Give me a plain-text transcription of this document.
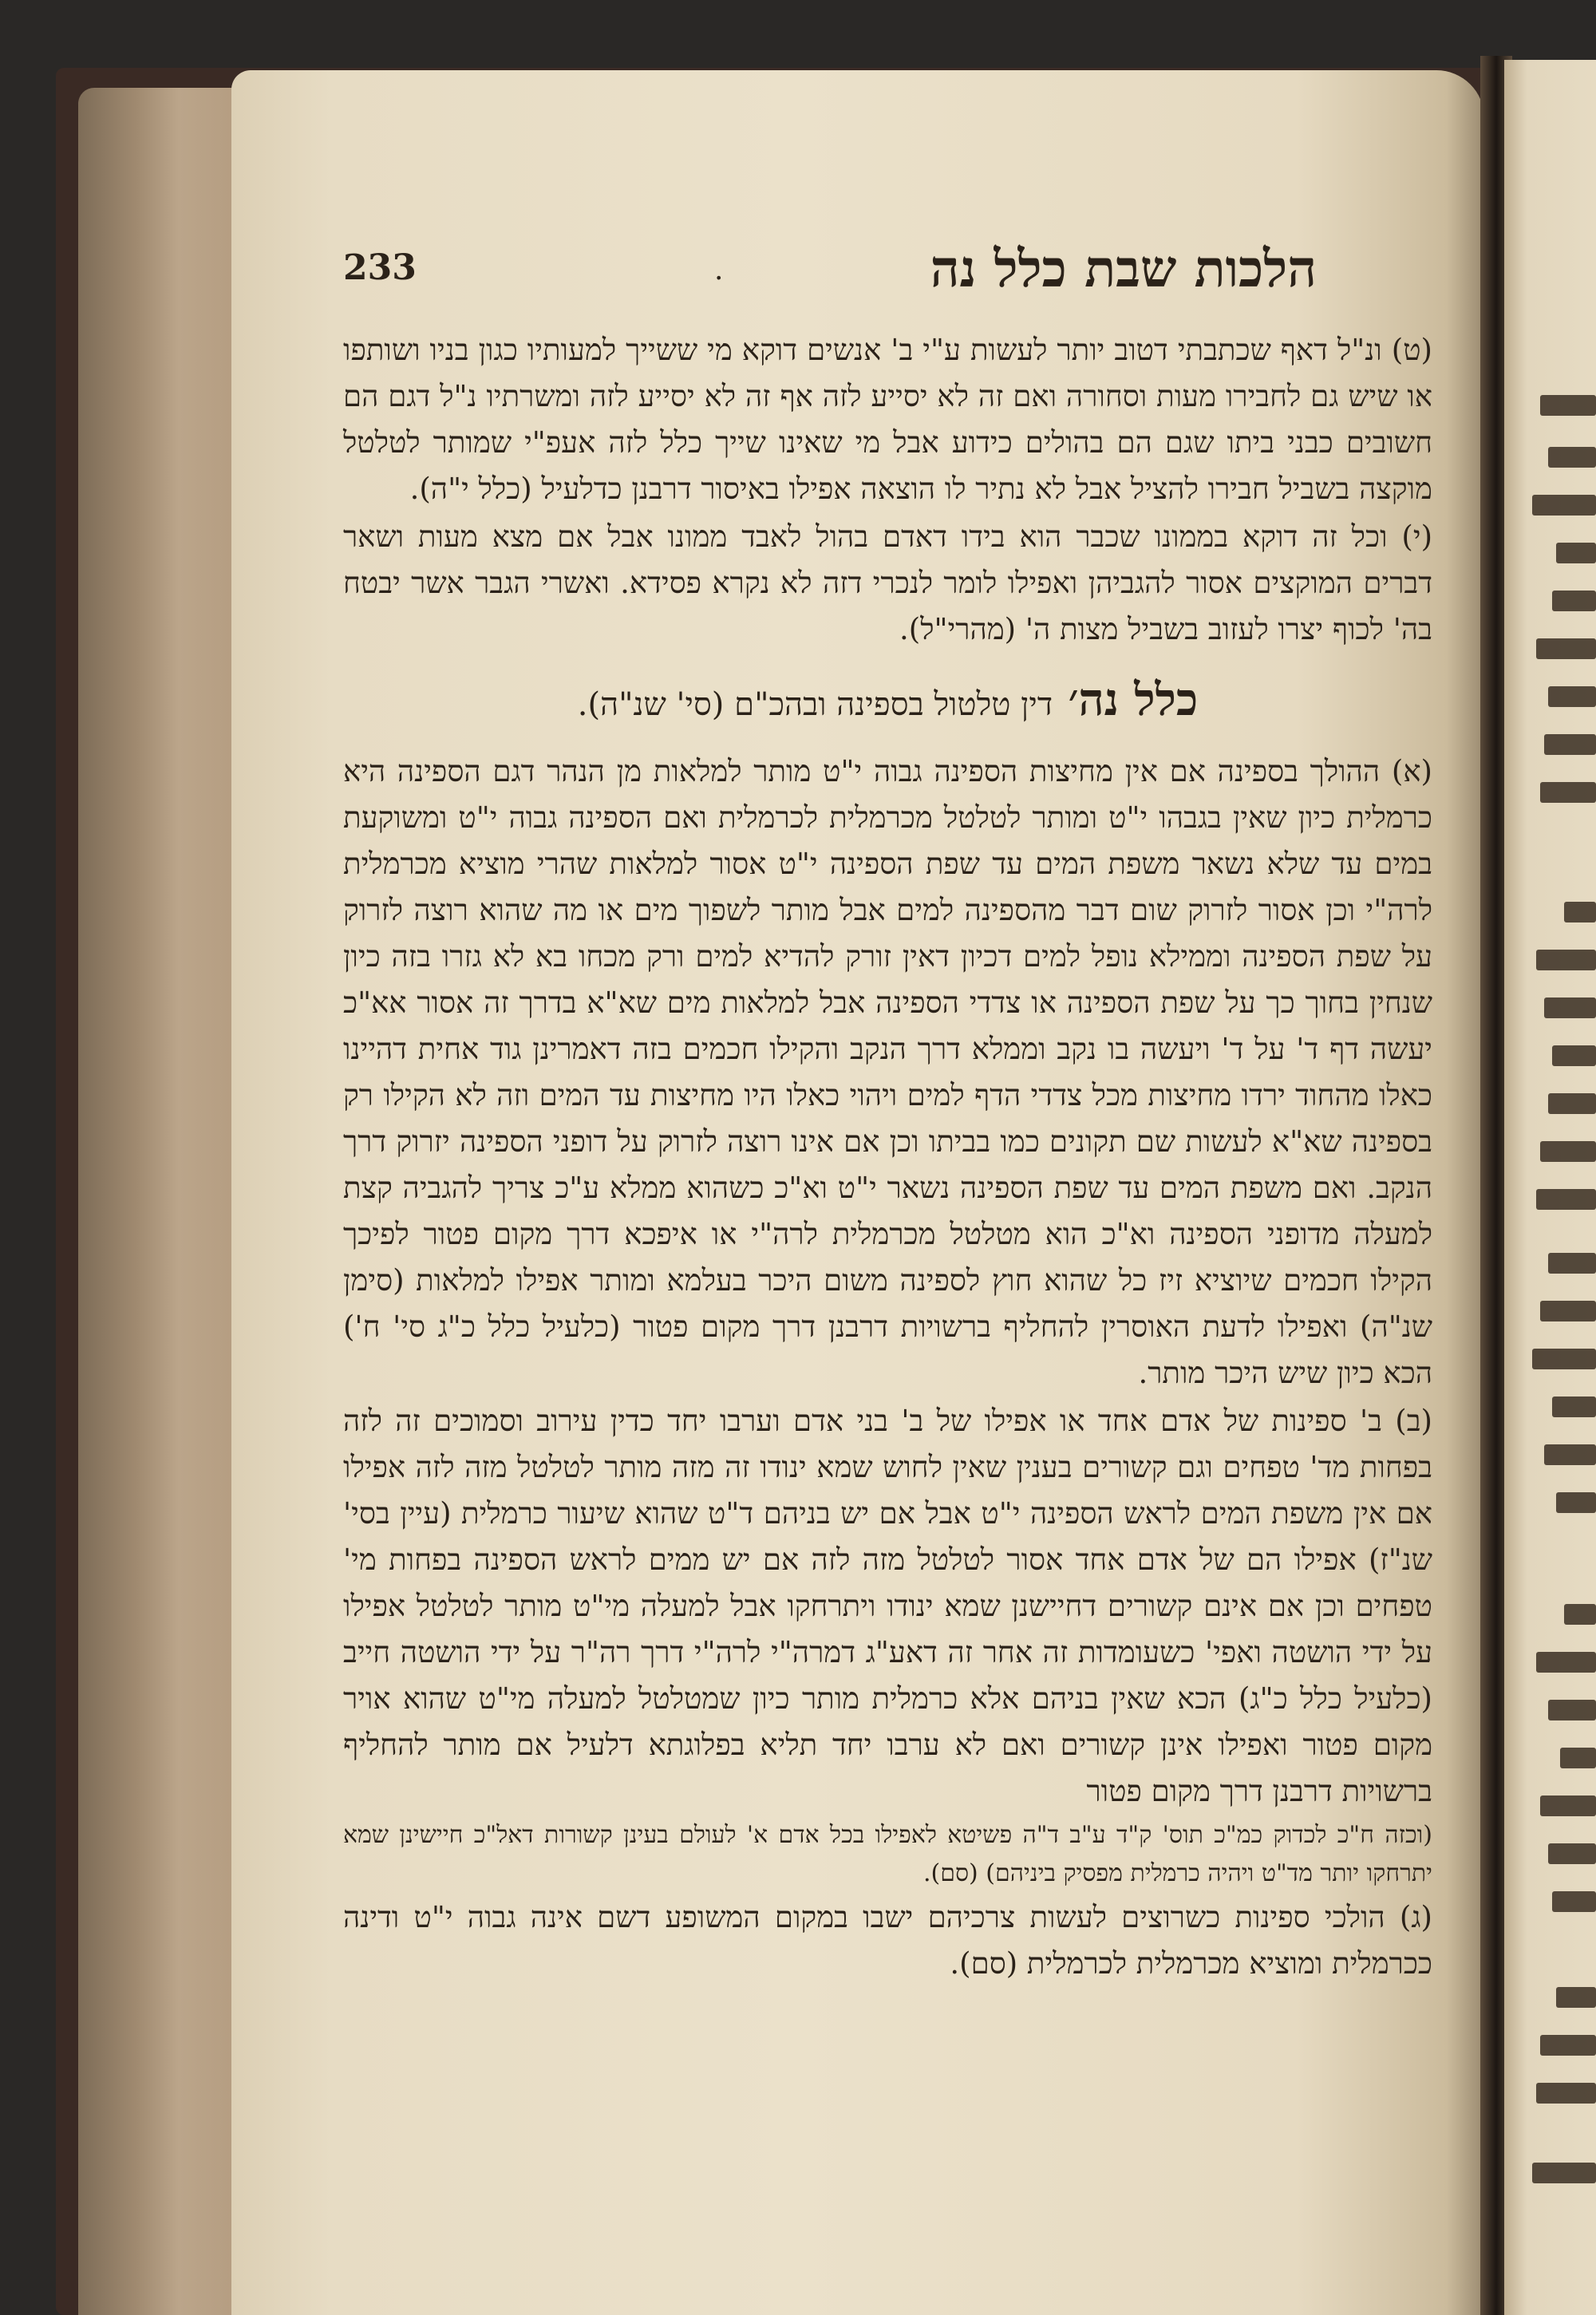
233	.	הלכות שבת כלל נה

(ט) ונ"ל דאף שכתבתי דטוב יותר לעשות ע"י ב' אנשים דוקא מי ששייך למעותיו כגון בניו ושותפו או שיש גם לחבירו מעות וסחורה ואם זה לא יסייע לזה אף זה לא יסייע לזה ומשרתיו נ"ל דגם הם חשובים כבני ביתו שגם הם בהולים כידוע אבל מי שאינו שייך כלל לזה אעפ"י שמותר לטלטל מוקצה בשביל חבירו להציל אבל לא נתיר לו הוצאה אפילו באיסור דרבנן כדלעיל (כלל י"ה).

(י) וכל זה דוקא בממונו שכבר הוא בידו דאדם בהול לאבד ממונו אבל אם מצא מעות ושאר דברים המוקצים אסור להגביהן ואפילו לומר לנכרי דזה לא נקרא פסידא. ואשרי הגבר אשר יבטח בה' לכוף יצרו לעזוב בשביל מצות ה' (מהרי"ל).

כלל נה׳ דין טלטול בספינה ובהכ"ם (סי' שנ"ה).

(א) ההולך בספינה אם אין מחיצות הספינה גבוה י"ט מותר למלאות מן הנהר דגם הספינה היא כרמלית כיון שאין בגבהו י"ט ומותר לטלטל מכרמלית לכרמלית ואם הספינה גבוה י"ט ומשוקעת במים עד שלא נשאר משפת המים עד שפת הספינה י"ט אסור למלאות שהרי מוציא מכרמלית לרה"י וכן אסור לזרוק שום דבר מהספינה למים אבל מותר לשפוך מים או מה שהוא רוצה לזרוק על שפת הספינה וממילא נופל למים דכיון דאין זורק להדיא למים ורק מכחו בא לא גזרו בזה כיון שנחין בחוך כך על שפת הספינה או צדדי הספינה אבל למלאות מים שא"א בדרך זה אסור אא"כ יעשה דף ד' על ד' ויעשה בו נקב וממלא דרך הנקב והקילו חכמים בזה דאמרינן גוד אחית דהיינו כאלו מהחוד ירדו מחיצות מכל צדדי הדף למים ויהוי כאלו היו מחיצות עד המים וזה לא הקילו רק בספינה שא"א לעשות שם תקונים כמו בביתו וכן אם אינו רוצה לזרוק על דופני הספינה יזרוק דרך הנקב. ואם משפת המים עד שפת הספינה נשאר י"ט וא"כ כשהוא ממלא ע"כ צריך להגביה קצת למעלה מדופני הספינה וא"כ הוא מטלטל מכרמלית לרה"י או איפכא דרך מקום פטור לפיכך הקילו חכמים שיוציא זיז כל שהוא חוץ לספינה משום היכר בעלמא ומותר אפילו למלאות (סימן שנ"ה) ואפילו לדעת האוסרין להחליף ברשויות דרבנן דרך מקום פטור (כלעיל כלל כ"ג סי' ח') הכא כיון שיש היכר מותר.

(ב) ב' ספינות של אדם אחד או אפילו של ב' בני אדם וערבו יחד כדין עירוב וסמוכים זה לזה בפחות מד' טפחים וגם קשורים בענין שאין לחוש שמא ינודו זה מזה מותר לטלטל מזה לזה אפילו אם אין משפת המים לראש הספינה י"ט אבל אם יש בניהם ד"ט שהוא שיעור כרמלית (עיין בסי' שנ"ז) אפילו הם של אדם אחד אסור לטלטל מזה לזה אם יש ממים לראש הספינה בפחות מי' טפחים וכן אם אינם קשורים דחיישנן שמא ינודו ויתרחקו אבל למעלה מי"ט מותר לטלטל אפילו על ידי הושטה ואפי' כשעומדות זה אחר זה דאע"ג דמרה"י לרה"י דרך רה"ר על ידי הושטה חייב (כלעיל כלל כ"ג) הכא שאין בניהם אלא כרמלית מותר כיון שמטלטל למעלה מי"ט שהוא אויר מקום פטור ואפילו אינן קשורים ואם לא ערבו יחד תליא בפלוגתא דלעיל אם מותר להחליף ברשויות דרבנן דרך מקום פטור

(וכזה ח"כ לכדוק כמ"כ תוס' ק"ד ע"ב ד"ה פשיטא לאפילו בכל אדם א' לעולם בעינן קשורות דאל"כ חיישינן שמא יתרחקו יותר מד"ט ויהיה כרמלית מפסיק ביניהם) (סם).

(ג) הולכי ספינות כשרוצים לעשות צרכיהם ישבו במקום המשופע דשם אינה גבוה י"ט ודינה ככרמלית ומוציא מכרמלית לכרמלית (סם).
